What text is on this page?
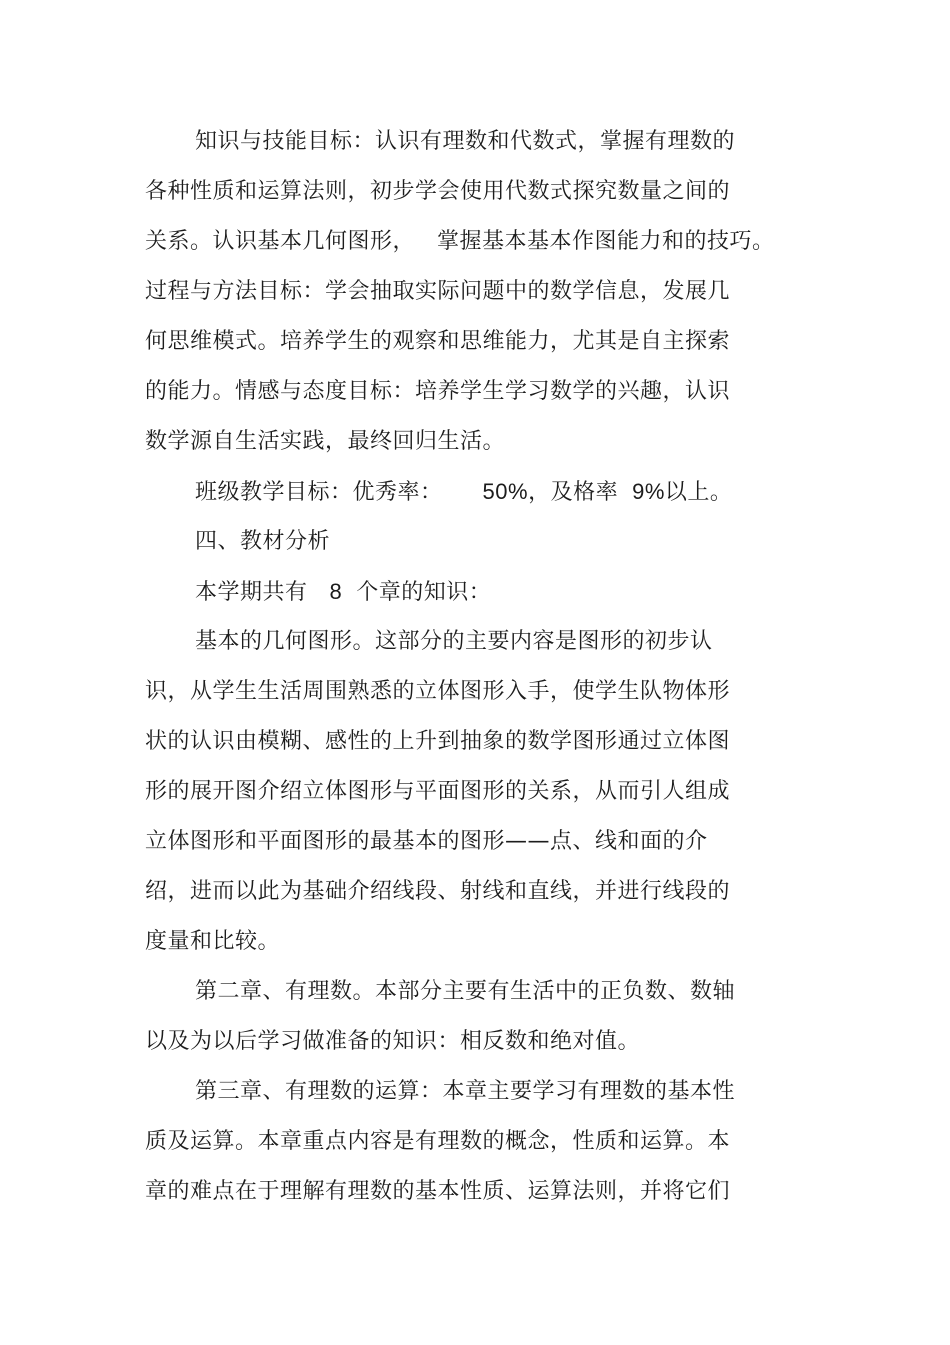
知识与技能目标：认识有理数和代数式，掌握有理数的
各种性质和运算法则，初步学会使用代数式探究数量之间的
关系。认识基本几何图形， 掌握基本基本作图能力和的技巧。
过程与方法目标：学会抽取实际问题中的数学信息，发展几
何思维模式。培养学生的观察和思维能力，尤其是自主探索
的能力。情感与态度目标：培养学生学习数学的兴趣，认识
数学源自生活实践，最终回归生活。
班级教学目标：优秀率： 50%，及格率 9%以上。
四、教材分析
本学期共有 8 个章的知识：
基本的几何图形。这部分的主要内容是图形的初步认
识，从学生生活周围熟悉的立体图形入手，使学生队物体形
状的认识由模糊、感性的上升到抽象的数学图形通过立体图
形的展开图介绍立体图形与平面图形的关系，从而引人组成
立体图形和平面图形的最基本的图形——点、线和面的介
绍，进而以此为基础介绍线段、射线和直线，并进行线段的
度量和比较。
第二章、有理数。本部分主要有生活中的正负数、数轴
以及为以后学习做准备的知识：相反数和绝对值。
第三章、有理数的运算：本章主要学习有理数的基本性
质及运算。本章重点内容是有理数的概念，性质和运算。本
章的难点在于理解有理数的基本性质、运算法则，并将它们
